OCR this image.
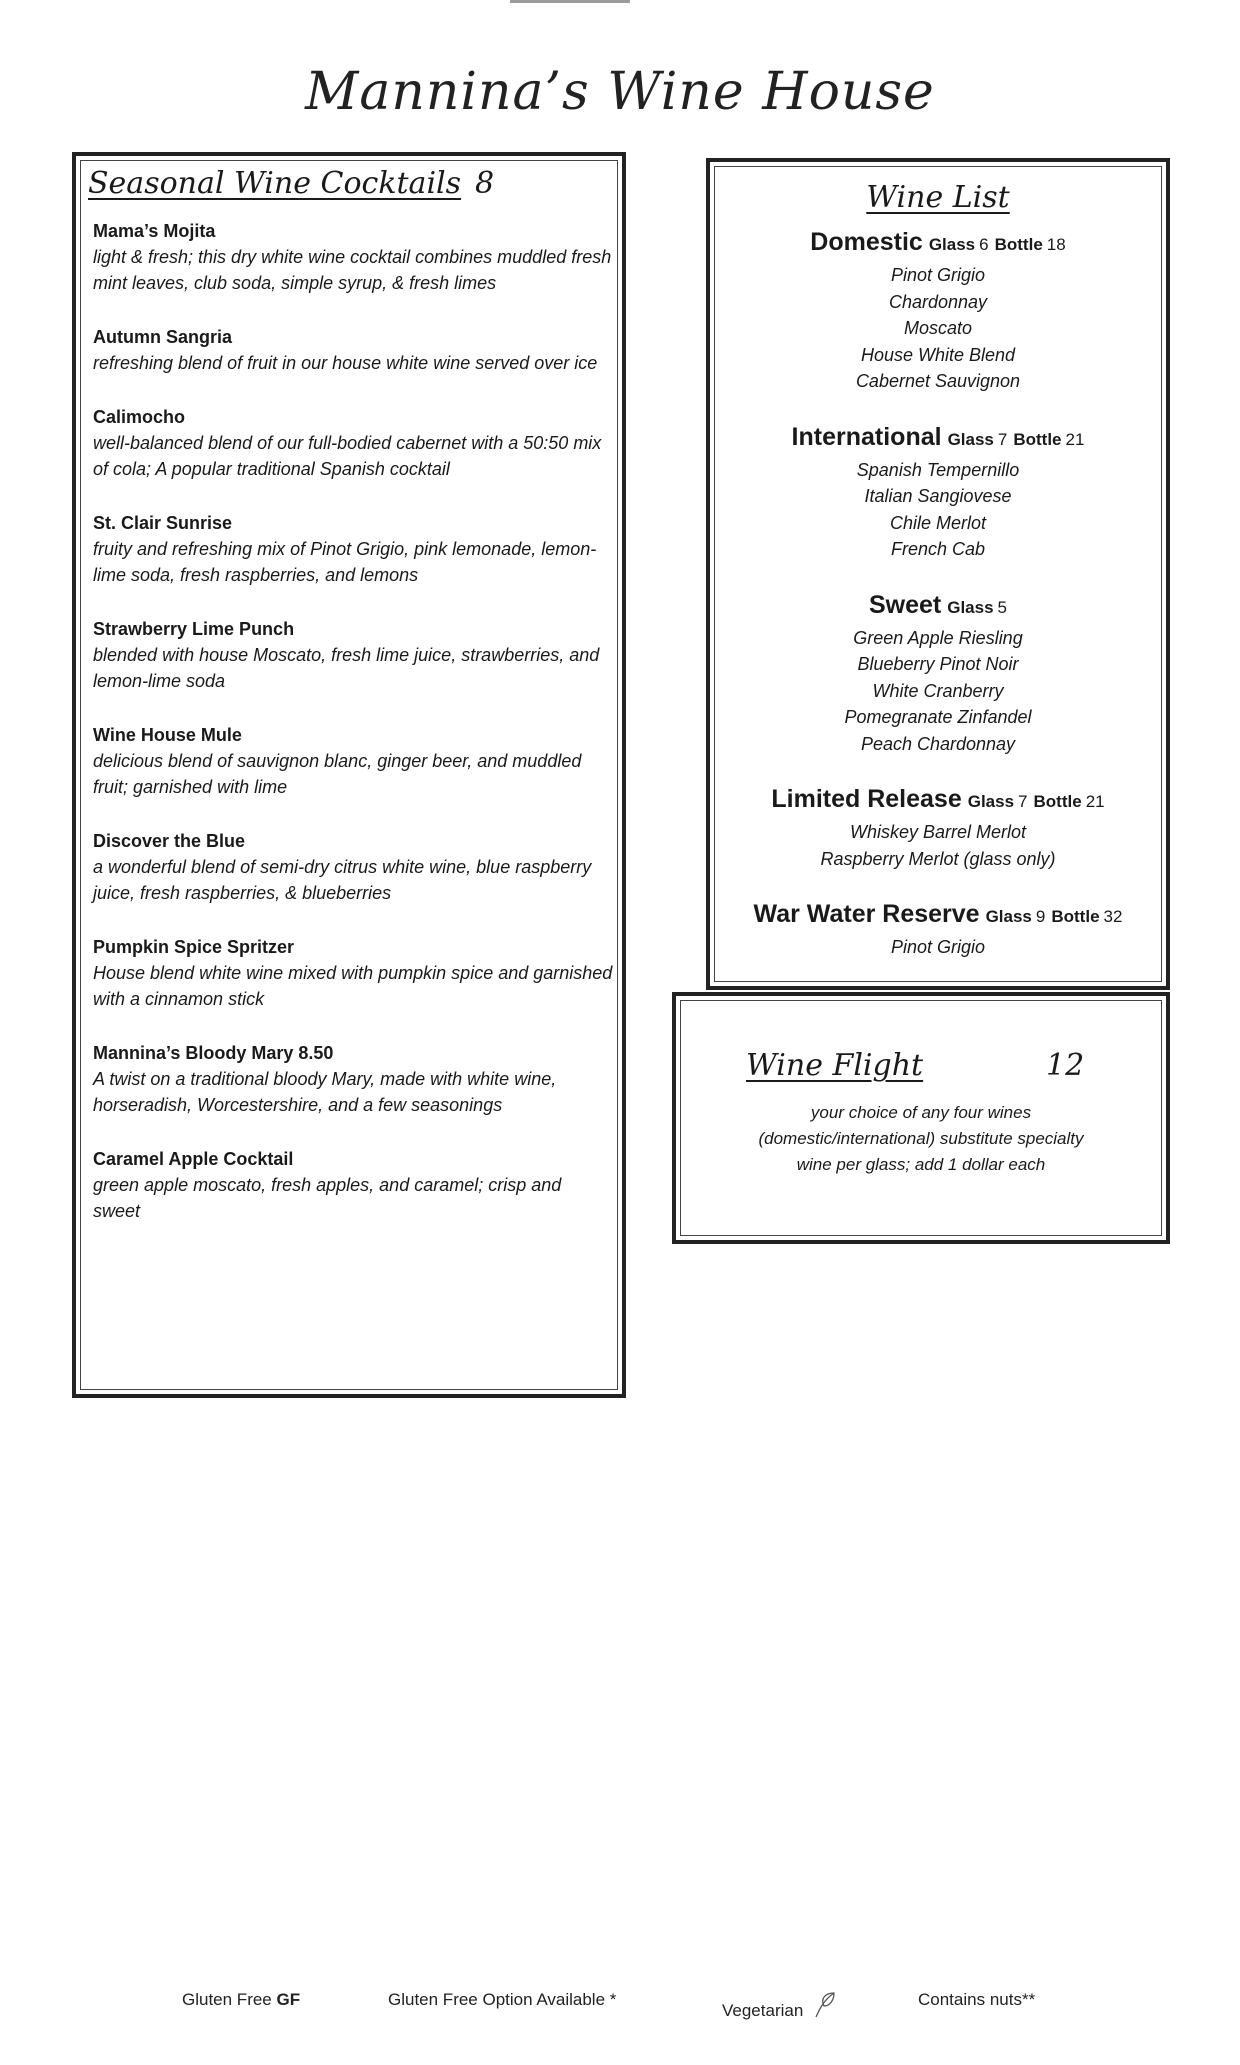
Mannina’s Wine House
Seasonal Wine Cocktails 8
Mama’s Mojita
light & fresh; this dry white wine cocktail combines muddled fresh mint leaves, club soda, simple syrup, & fresh limes
Autumn Sangria
refreshing blend of fruit in our house white wine served over ice
Calimocho
well-balanced blend of our full-bodied cabernet with a 50:50 mix of cola; A popular traditional Spanish cocktail
St. Clair Sunrise
fruity and refreshing mix of Pinot Grigio, pink lemonade, lemon-lime soda, fresh raspberries, and lemons
Strawberry Lime Punch
blended with house Moscato, fresh lime juice, strawberries, and lemon-lime soda
Wine House Mule
delicious blend of sauvignon blanc, ginger beer, and muddled fruit; garnished with lime
Discover the Blue
a wonderful blend of semi-dry citrus white wine, blue raspberry juice, fresh raspberries, & blueberries
Pumpkin Spice Spritzer
House blend white wine mixed with pumpkin spice and garnished with a cinnamon stick
Mannina’s Bloody Mary 8.50
A twist on a traditional bloody Mary, made with white wine, horseradish, Worcestershire, and a few seasonings
Caramel Apple Cocktail
green apple moscato, fresh apples, and caramel; crisp and sweet
Wine List
Domestic Glass 6 Bottle 18
Pinot Grigio
Chardonnay
Moscato
House White Blend
Cabernet Sauvignon
International Glass 7 Bottle 21
Spanish Tempernillo
Italian Sangiovese
Chile Merlot
French Cab
Sweet Glass 5
Green Apple Riesling
Blueberry Pinot Noir
White Cranberry
Pomegranate Zinfandel
Peach Chardonnay
Limited Release Glass 7 Bottle 21
Whiskey Barrel Merlot
Raspberry Merlot (glass only)
War Water Reserve Glass 9 Bottle 32
Pinot Grigio
Wine Flight	12
your choice of any four wines
(domestic/international) substitute specialty
wine per glass; add 1 dollar each
Gluten Free GF	Gluten Free Option Available *
Vegetarian
Contains nuts**
